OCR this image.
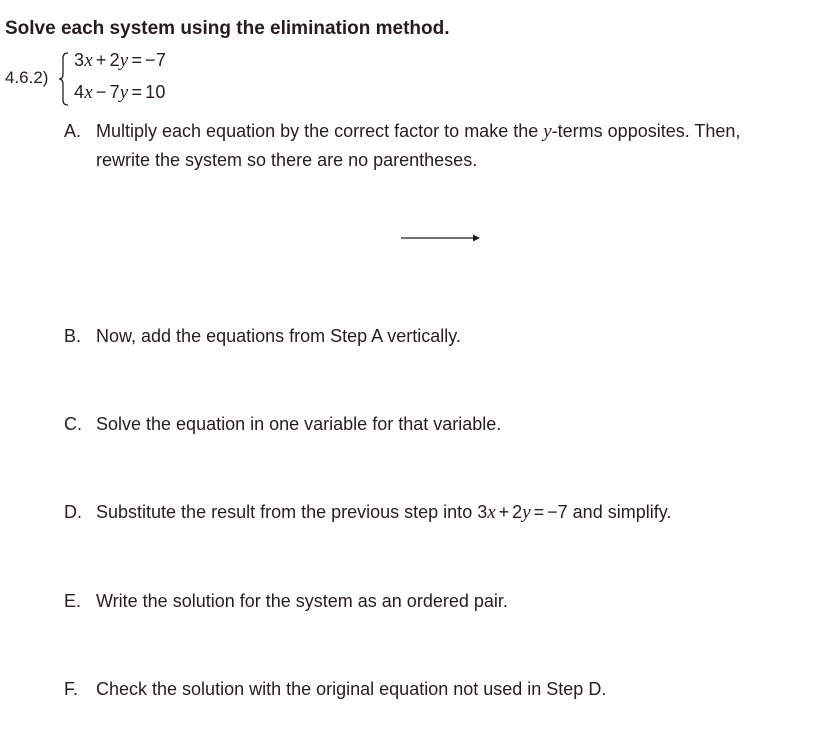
Solve each system using the elimination method.
4.6.2)
3x + 2y = −7
4x − 7y = 10
A. Multiply each equation by the correct factor to make the y-terms opposites. Then,
rewrite the system so there are no parentheses.
B. Now, add the equations from Step A vertically.
C. Solve the equation in one variable for that variable.
D. Substitute the result from the previous step into 3x + 2y = −7 and simplify.
E. Write the solution for the system as an ordered pair.
F. Check the solution with the original equation not used in Step D.
